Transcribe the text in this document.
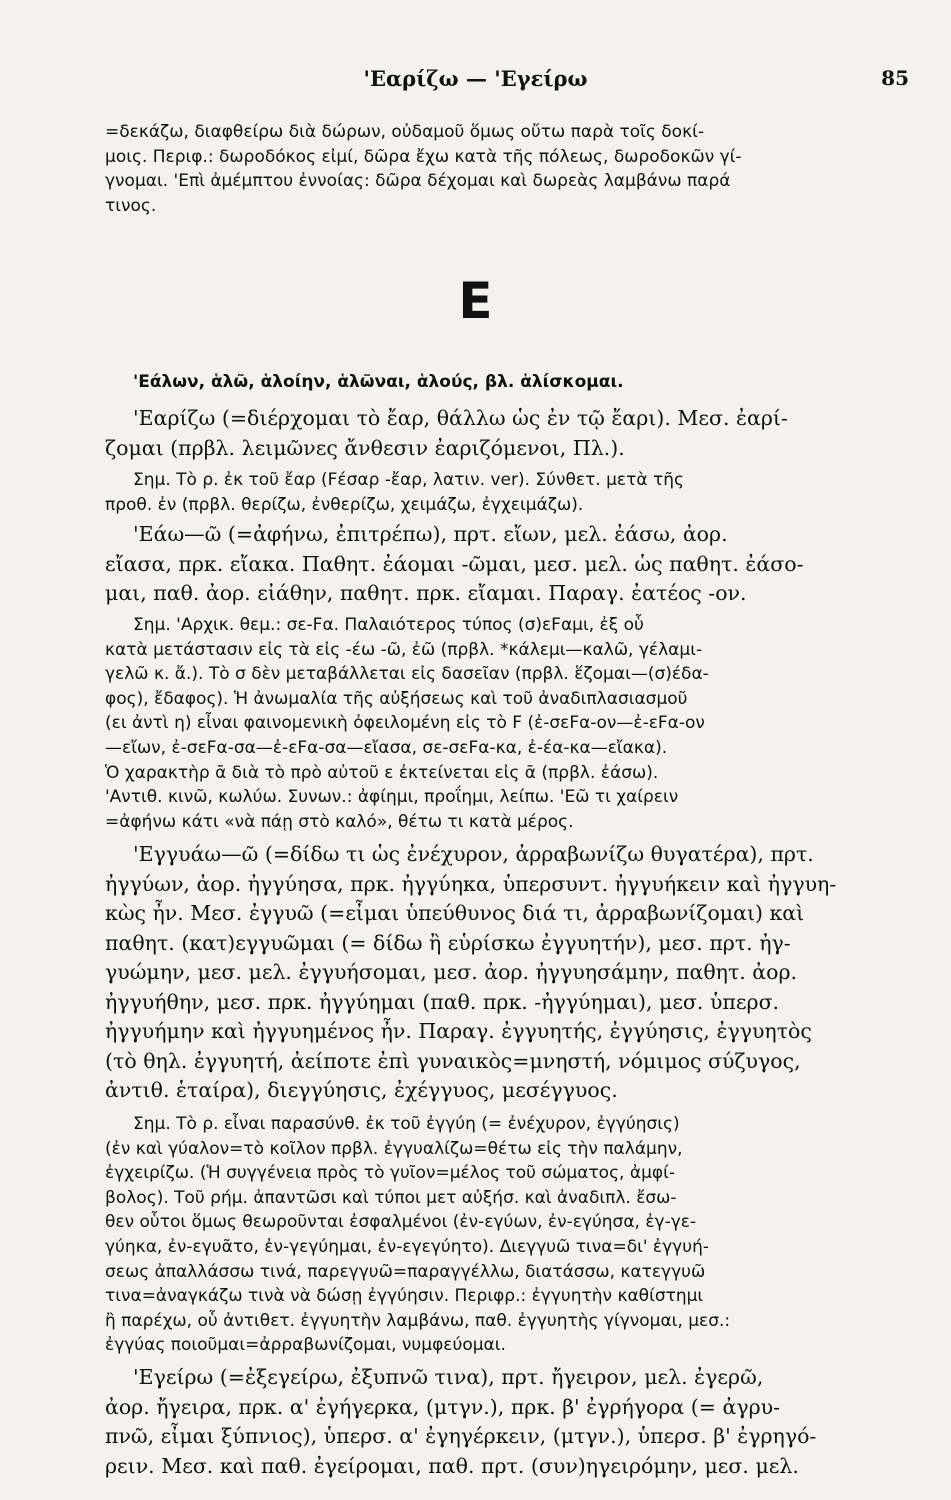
'Εαρίζω — 'Εγείρω	85
=δεκάζω, διαφθείρω διὰ δώρων, οὐδαμοῦ ὅμως οὔτω παρὰ τοῖς δοκί-
μοις. Περιφ.: δωροδόκος εἰμί, δῶρα ἔχω κατὰ τῆς πόλεως, δωροδοκῶν γί-
γνομαι. 'Επὶ ἀμέμπτου ἐννοίας: δῶρα δέχομαι καὶ δωρεὰς λαμβάνω παρά
τινος.
Ε
'Εάλων, ἁλῶ, ἁλοίην, ἁλῶναι, ἁλούς, βλ. ἁλίσκομαι.
'Εαρίζω (=διέρχομαι τὸ ἔαρ, θάλλω ὡς ἐν τῷ ἔαρι). Μεσ. ἐαρί-
ζομαι (πρβλ. λειμῶνες ἄνθεσιν ἐαριζόμενοι, Πλ.).
Σημ. Τὸ ρ. ἐκ τοῦ ἔαρ (Fέσαρ -ἔαρ, λατιν. ver). Σύνθετ. μετὰ τῆς
προθ. ἐν (πρβλ. θερίζω, ἐνθερίζω, χειμάζω, ἐγχειμάζω).
'Εάω—ῶ (=ἀφήνω, ἐπιτρέπω), πρτ. εἴων, μελ. ἐάσω, ἀορ.
εἴασα, πρκ. εἴακα. Παθητ. ἐάομαι -ῶμαι, μεσ. μελ. ὡς παθητ. ἐάσο-
μαι, παθ. ἀορ. εἰάθην, παθητ. πρκ. εἴαμαι. Παραγ. ἐατέος -ον.
Σημ. 'Αρχικ. θεμ.: σε-Fα. Παλαιότερος τύπος (σ)εFαμι, ἐξ οὗ
κατὰ μετάστασιν εἰς τὰ εἰς -έω -ῶ, ἐῶ (πρβλ. *κάλεμι—καλῶ, γέλαμι-
γελῶ κ. ἄ.). Τὸ σ δὲν μεταβάλλεται εἰς δασεῖαν (πρβλ. ἕζομαι—(σ)έδα-
φος), ἔδαφος). Ἡ ἀνωμαλία τῆς αὐξήσεως καὶ τοῦ ἀναδιπλασιασμοῦ
(ει ἀντὶ η) εἶναι φαινομενικὴ ὀφειλομένη εἰς τὸ F (ἐ-σεFα-ον—ἐ-εFα-ον
—εἴων, ἐ-σεFα-σα—ἐ-εFα-σα—εἴασα, σε-σεFα-κα, ἐ-έα-κα—εἴακα).
Ὁ χαρακτὴρ ᾱ διὰ τὸ πρὸ αὐτοῦ ε ἐκτείνεται εἰς ᾱ (πρβλ. ἐάσω).
'Αντιθ. κινῶ, κωλύω. Συνων.: ἀφίημι, προΐημι, λείπω. 'Εῶ τι χαίρειν
=ἀφήνω κάτι «νὰ πάῃ στὸ καλό», θέτω τι κατὰ μέρος.
'Εγγυάω—ῶ (=δίδω τι ὡς ἐνέχυρον, ἀρραβωνίζω θυγατέρα), πρτ.
ἠγγύων, ἀορ. ἠγγύησα, πρκ. ἠγγύηκα, ὑπερσυντ. ἠγγυήκειν καὶ ἠγγυη-
κὼς ἦν. Μεσ. ἐγγυῶ (=εἶμαι ὑπεύθυνος διά τι, ἀρραβωνίζομαι) καὶ
παθητ. (κατ)εγγυῶμαι (= δίδω ἢ εὑρίσκω ἐγγυητήν), μεσ. πρτ. ἠγ-
γυώμην, μεσ. μελ. ἐγγυήσομαι, μεσ. ἀορ. ἠγγυησάμην, παθητ. ἀορ.
ἠγγυήθην, μεσ. πρκ. ἠγγύημαι (παθ. πρκ. -ἠγγύημαι), μεσ. ὑπερσ.
ἠγγυήμην καὶ ἠγγυημένος ἦν. Παραγ. ἐγγυητής, ἐγγύησις, ἐγγυητὸς
(τὸ θηλ. ἐγγυητή, ἀείποτε ἐπὶ γυναικὸς=μνηστή, νόμιμος σύζυγος,
ἀντιθ. ἑταίρα), διεγγύησις, ἐχέγγυος, μεσέγγυος.
Σημ. Τὸ ρ. εἶναι παρασύνθ. ἐκ τοῦ ἐγγύη (= ἐνέχυρον, ἐγγύησις)
(ἐν καὶ γύαλον=τὸ κοῖλον πρβλ. ἐγγυαλίζω=θέτω εἰς τὴν παλάμην,
ἐγχειρίζω. (Ἡ συγγένεια πρὸς τὸ γυῖον=μέλος τοῦ σώματος, ἀμφί-
βολος). Τοῦ ρήμ. ἀπαντῶσι καὶ τύποι μετ αὐξήσ. καὶ ἀναδιπλ. ἔσω-
θεν οὗτοι ὅμως θεωροῦνται ἐσφαλμένοι (ἐν-εγύων, ἐν-εγύησα, ἐγ-γε-
γύηκα, ἐν-εγυᾶτο, ἐν-γεγύημαι, ἐν-εγεγύητο). Διεγγυῶ τινα=δι' ἐγγυή-
σεως ἀπαλλάσσω τινά, παρεγγυῶ=παραγγέλλω, διατάσσω, κατεγγυῶ
τινα=ἀναγκάζω τινὰ νὰ δώσῃ ἐγγύησιν. Περιφρ.: ἐγγυητὴν καθίστημι
ἢ παρέχω, οὗ ἀντιθετ. ἐγγυητὴν λαμβάνω, παθ. ἐγγυητὴς γίγνομαι, μεσ.:
ἐγγύας ποιοῦμαι=ἀρραβωνίζομαι, νυμφεύομαι.
'Εγείρω (=ἐξεγείρω, ἐξυπνῶ τινα), πρτ. ἤγειρον, μελ. ἐγερῶ,
ἀορ. ἤγειρα, πρκ. α' ἐγήγερκα, (μτγν.), πρκ. β' ἐγρήγορα (= ἀγρυ-
πνῶ, εἶμαι ξύπνιος), ὑπερσ. α' ἐγηγέρκειν, (μτγν.), ὑπερσ. β' ἐγρηγό-
ρειν. Μεσ. καὶ παθ. ἐγείρομαι, παθ. πρτ. (συν)ηγειρόμην, μεσ. μελ.
